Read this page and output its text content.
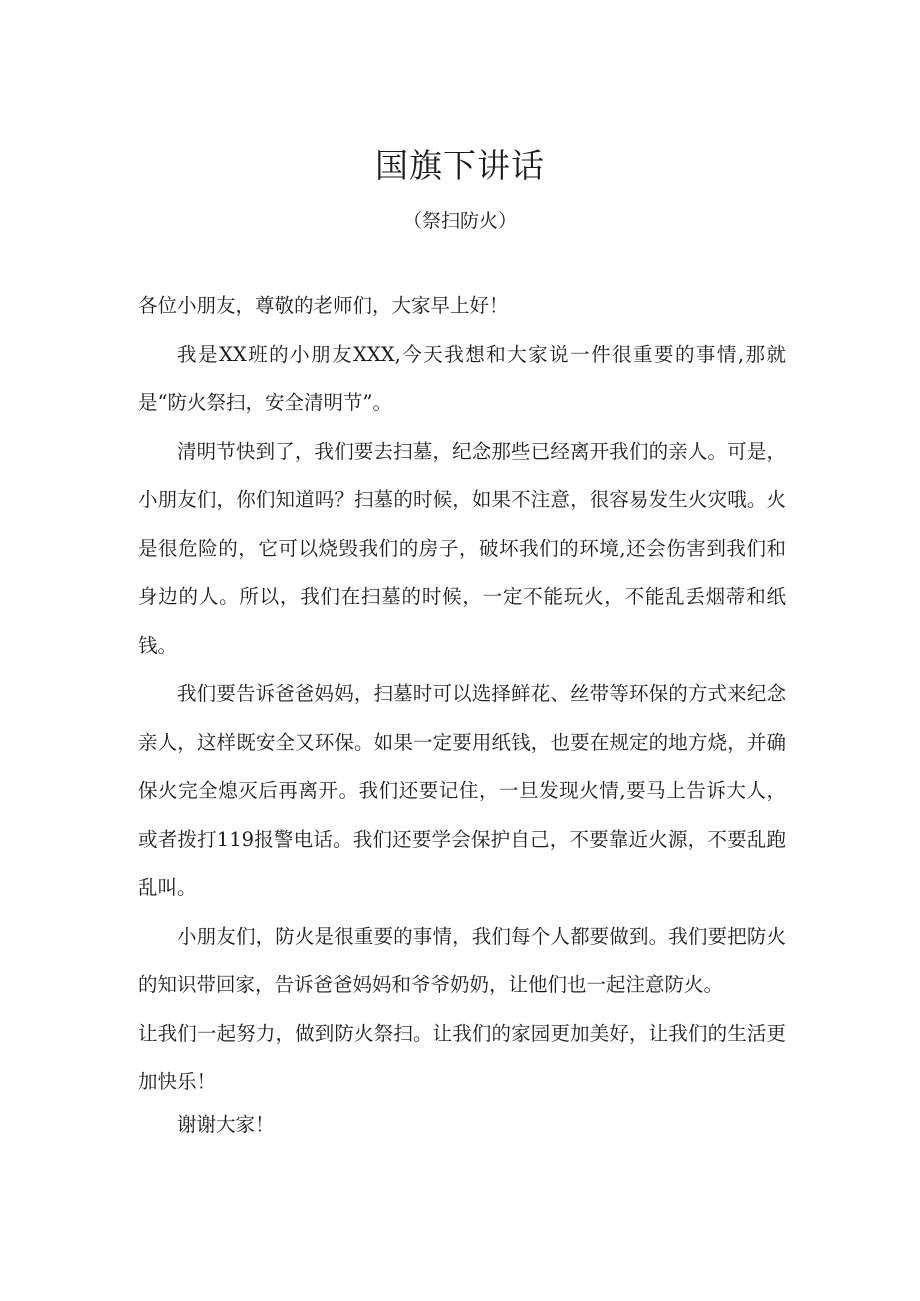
国旗下讲话
（祭扫防火）

各位小朋友，尊敬的老师们，大家早上好！

我是XX班的小朋友XXX,今天我想和大家说一件很重要的事情,那就是“防火祭扫，安全清明节”。

清明节快到了，我们要去扫墓，纪念那些已经离开我们的亲人。可是，小朋友们，你们知道吗？扫墓的时候，如果不注意，很容易发生火灾哦。火是很危险的，它可以烧毁我们的房子，破坏我们的环境,还会伤害到我们和身边的人。所以，我们在扫墓的时候，一定不能玩火，不能乱丢烟蒂和纸钱。

我们要告诉爸爸妈妈，扫墓时可以选择鲜花、丝带等环保的方式来纪念亲人，这样既安全又环保。如果一定要用纸钱，也要在规定的地方烧，并确保火完全熄灭后再离开。我们还要记住，一旦发现火情,要马上告诉大人，或者拨打119报警电话。我们还要学会保护自己，不要靠近火源，不要乱跑乱叫。

小朋友们，防火是很重要的事情，我们每个人都要做到。我们要把防火的知识带回家，告诉爸爸妈妈和爷爷奶奶，让他们也一起注意防火。

让我们一起努力，做到防火祭扫。让我们的家园更加美好，让我们的生活更加快乐！

谢谢大家！
